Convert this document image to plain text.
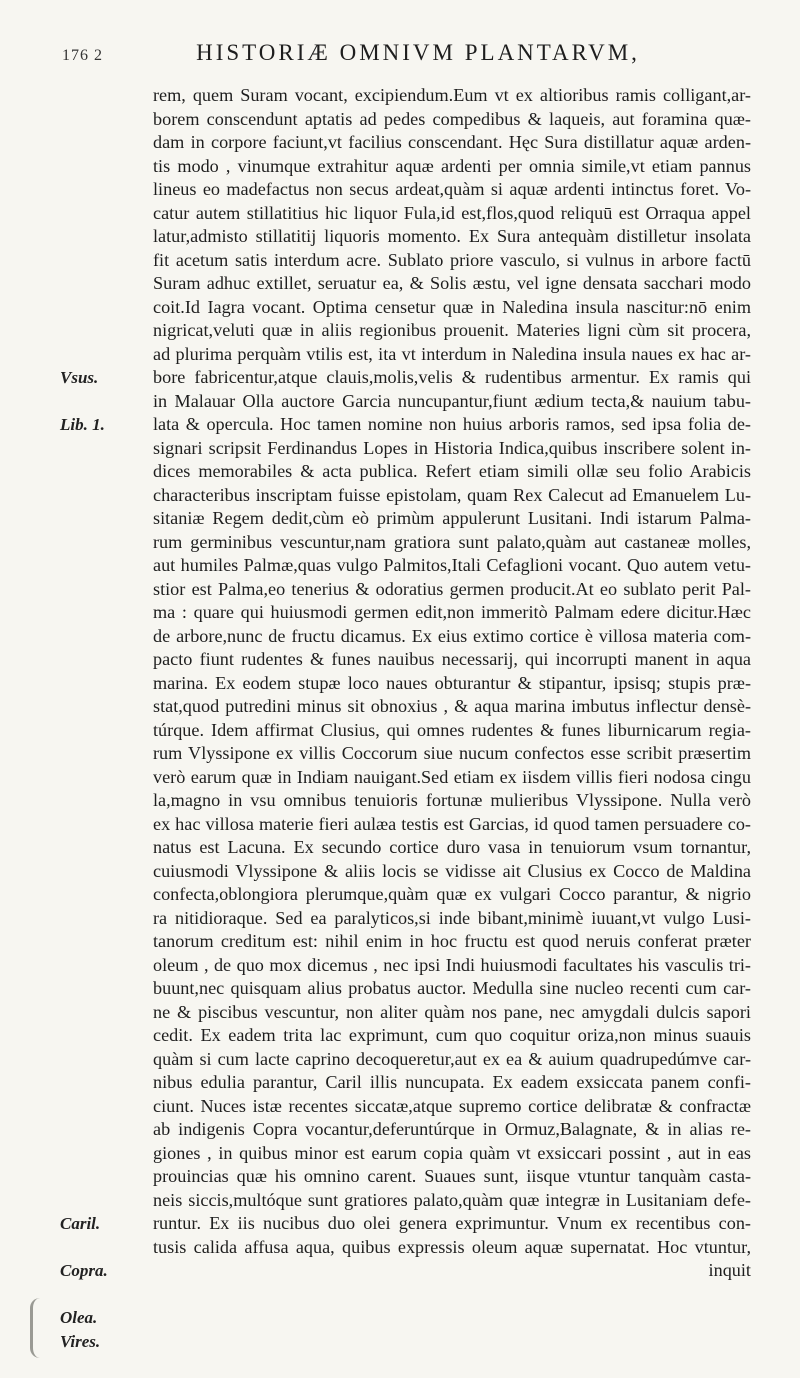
176 2	HISTORIÆ OMNIVM PLANTARVM,
rem, quem Suram vocant, excipiendum.Eum vt ex altioribus ramis colligant,ar-
borem conscendunt aptatis ad pedes compedibus & laqueis, aut foramina quæ-
dam in corpore faciunt,vt facilius conscendant. Hęc Sura distillatur aquæ arden-
tis modo , vinumque extrahitur aquæ ardenti per omnia simile,vt etiam pannus
lineus eo madefactus non secus ardeat,quàm si aquæ ardenti intinctus foret. Vo-
catur autem stillatitius hic liquor Fula,id est,flos,quod reliquū est Orraqua appel
latur,admisto stillatitij liquoris momento. Ex Sura antequàm distilletur insolata
fit acetum satis interdum acre. Sublato priore vasculo, si vulnus in arbore factū
Suram adhuc extillet, seruatur ea, & Solis æstu, vel igne densata sacchari modo
coit.Id Iagra vocant. Optima censetur quæ in Naledina insula nascitur:nō enim
nigricat,veluti quæ in aliis regionibus prouenit. Materies ligni cùm sit procera,
ad plurima perquàm vtilis est, ita vt interdum in Naledina insula naues ex hac ar-
bore fabricentur,atque clauis,molis,velis & rudentibus armentur. Ex ramis qui
in Malauar Olla auctore Garcia nuncupantur,fiunt ædium tecta,& nauium tabu-
lata & opercula. Hoc tamen nomine non huius arboris ramos, sed ipsa folia de-
signari scripsit Ferdinandus Lopes in Historia Indica,quibus inscribere solent in-
dices memorabiles & acta publica. Refert etiam simili ollæ seu folio Arabicis
characteribus inscriptam fuisse epistolam, quam Rex Calecut ad Emanuelem Lu-
sitaniæ Regem dedit,cùm eò primùm appulerunt Lusitani. Indi istarum Palma-
rum germinibus vescuntur,nam gratiora sunt palato,quàm aut castaneæ molles,
aut humiles Palmæ,quas vulgo Palmitos,Itali Cefaglioni vocant. Quo autem vetu-
stior est Palma,eo tenerius & odoratius germen producit.At eo sublato perit Pal-
ma : quare qui huiusmodi germen edit,non immeritò Palmam edere dicitur.Hæc
de arbore,nunc de fructu dicamus. Ex eius extimo cortice è villosa materia com-
pacto fiunt rudentes & funes nauibus necessarij, qui incorrupti manent in aqua
marina. Ex eodem stupæ loco naues obturantur & stipantur, ipsisq; stupis præ-
stat,quod putredini minus sit obnoxius , & aqua marina imbutus inflectur densè-
túrque. Idem affirmat Clusius, qui omnes rudentes & funes liburnicarum regia-
rum Vlyssipone ex villis Coccorum siue nucum confectos esse scribit præsertim
verò earum quæ in Indiam nauigant.Sed etiam ex iisdem villis fieri nodosa cingu
la,magno in vsu omnibus tenuioris fortunæ mulieribus Vlyssipone. Nulla verò
ex hac villosa materie fieri aulæa testis est Garcias, id quod tamen persuadere co-
natus est Lacuna. Ex secundo cortice duro vasa in tenuiorum vsum tornantur,
cuiusmodi Vlyssipone & aliis locis se vidisse ait Clusius ex Cocco de Maldina
confecta,oblongiora plerumque,quàm quæ ex vulgari Cocco parantur, & nigrio
ra nitidioraque. Sed ea paralyticos,si inde bibant,minimè iuuant,vt vulgo Lusi-
tanorum creditum est: nihil enim in hoc fructu est quod neruis conferat præter
oleum , de quo mox dicemus , nec ipsi Indi huiusmodi facultates his vasculis tri-
buunt,nec quisquam alius probatus auctor. Medulla sine nucleo recenti cum car-
ne & piscibus vescuntur, non aliter quàm nos pane, nec amygdali dulcis sapori
cedit. Ex eadem trita lac exprimunt, cum quo coquitur oriza,non minus suauis
quàm si cum lacte caprino decoqueretur,aut ex ea & auium quadrupedúmve car-
nibus edulia parantur, Caril illis nuncupata. Ex eadem exsiccata panem confi-
ciunt. Nuces istæ recentes siccatæ,atque supremo cortice delibratæ & confractæ
ab indigenis Copra vocantur,deferuntúrque in Ormuz,Balagnate, & in alias re-
giones , in quibus minor est earum copia quàm vt exsiccari possint , aut in eas
prouincias quæ his omnino carent. Suaues sunt, iisque vtuntur tanquàm casta-
neis siccis,multóque sunt gratiores palato,quàm quæ integræ in Lusitaniam defe-
runtur. Ex iis nucibus duo olei genera exprimuntur. Vnum ex recentibus con-
tusis calida affusa aqua, quibus expressis oleum aquæ supernatat. Hoc vtuntur,
inquit
Vsus.
Lib. 1.
Caril.
Copra.
Olea.
Vires.
